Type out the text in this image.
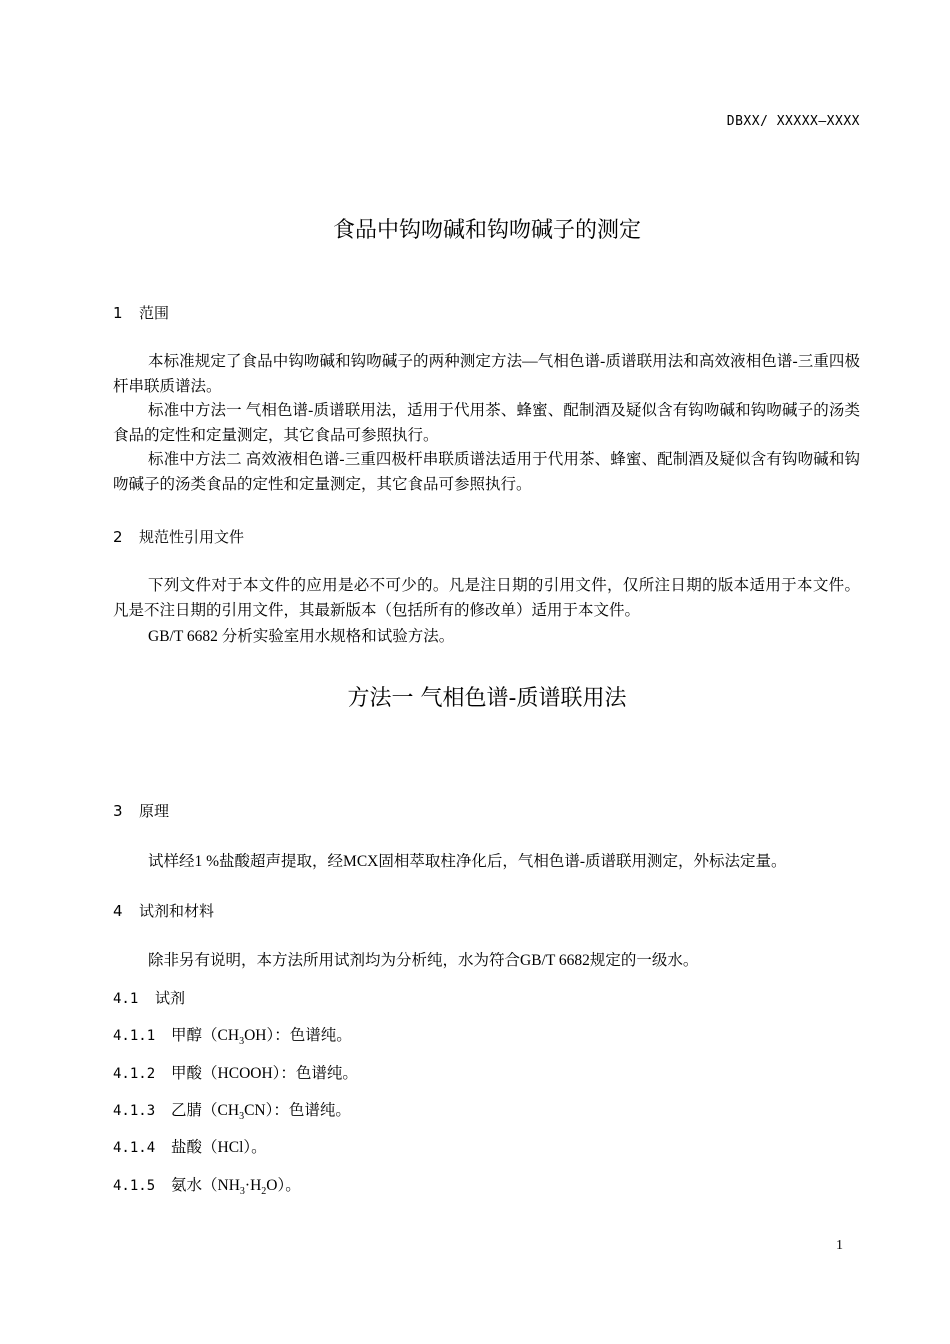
DBXX/ XXXXX—XXXX
食品中钩吻碱和钩吻碱子的测定
1 范围
本标准规定了食品中钩吻碱和钩吻碱子的两种测定方法—气相色谱-质谱联用法和高效液相色谱-三重四极杆串联质谱法。
标准中方法一 气相色谱-质谱联用法，适用于代用茶、蜂蜜、配制酒及疑似含有钩吻碱和钩吻碱子的汤类食品的定性和定量测定，其它食品可参照执行。
标准中方法二 高效液相色谱-三重四极杆串联质谱法适用于代用茶、蜂蜜、配制酒及疑似含有钩吻碱和钩吻碱子的汤类食品的定性和定量测定，其它食品可参照执行。
2 规范性引用文件
下列文件对于本文件的应用是必不可少的。凡是注日期的引用文件，仅所注日期的版本适用于本文件。凡是不注日期的引用文件，其最新版本（包括所有的修改单）适用于本文件。
GB/T 6682 分析实验室用水规格和试验方法。
方法一 气相色谱-质谱联用法
3 原理
试样经1 %盐酸超声提取，经MCX固相萃取柱净化后，气相色谱-质谱联用测定，外标法定量。
4 试剂和材料
除非另有说明，本方法所用试剂均为分析纯，水为符合GB/T 6682规定的一级水。
4.1 试剂
4.1.1 甲醇$(CH_3OH)$：色谱纯。
4.1.2 甲酸（HCOOH）：色谱纯。
4.1.3 乙腈$(CH_3CN)$：色谱纯。
4.1.4 盐酸（HCl）。
4.1.5 氨水$(NH_3\cdot H_2O)$。
1
